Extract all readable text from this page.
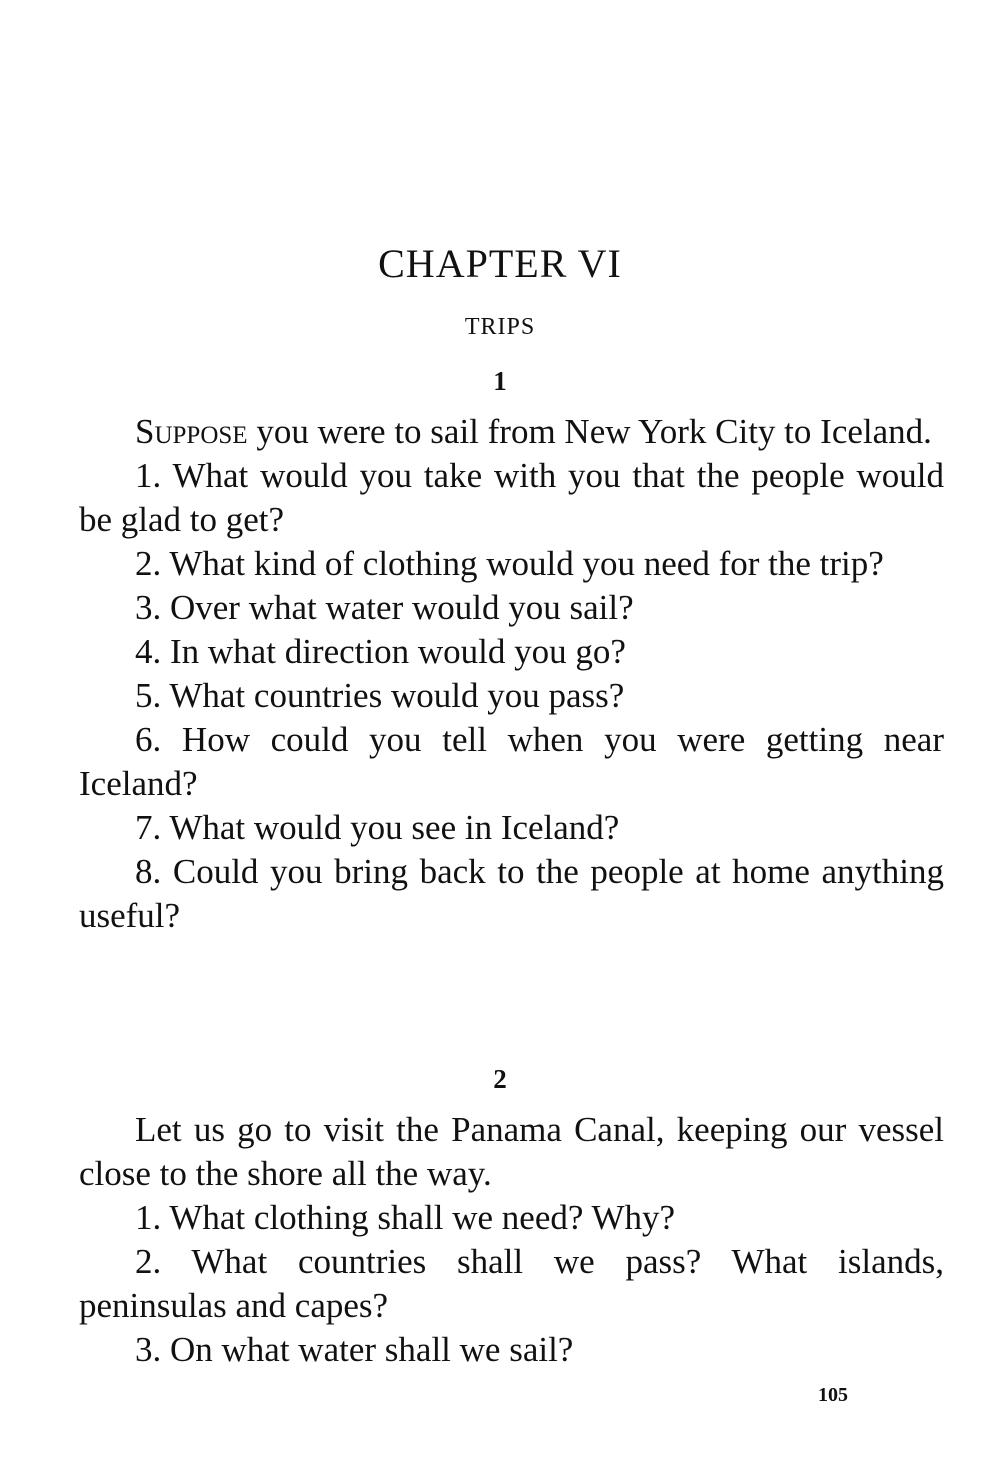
CHAPTER VI
TRIPS
1

Suppose you were to sail from New York City to Iceland.

1. What would you take with you that the people would be glad to get?

2. What kind of clothing would you need for the trip?

3. Over what water would you sail?

4. In what direction would you go?

5. What countries would you pass?

6. How could you tell when you were getting near Iceland?

7. What would you see in Iceland?

8. Could you bring back to the people at home anything useful?

2

Let us go to visit the Panama Canal, keeping our vessel close to the shore all the way.

1. What clothing shall we need? Why?

2. What countries shall we pass? What islands, peninsulas and capes?

3. On what water shall we sail?

105
